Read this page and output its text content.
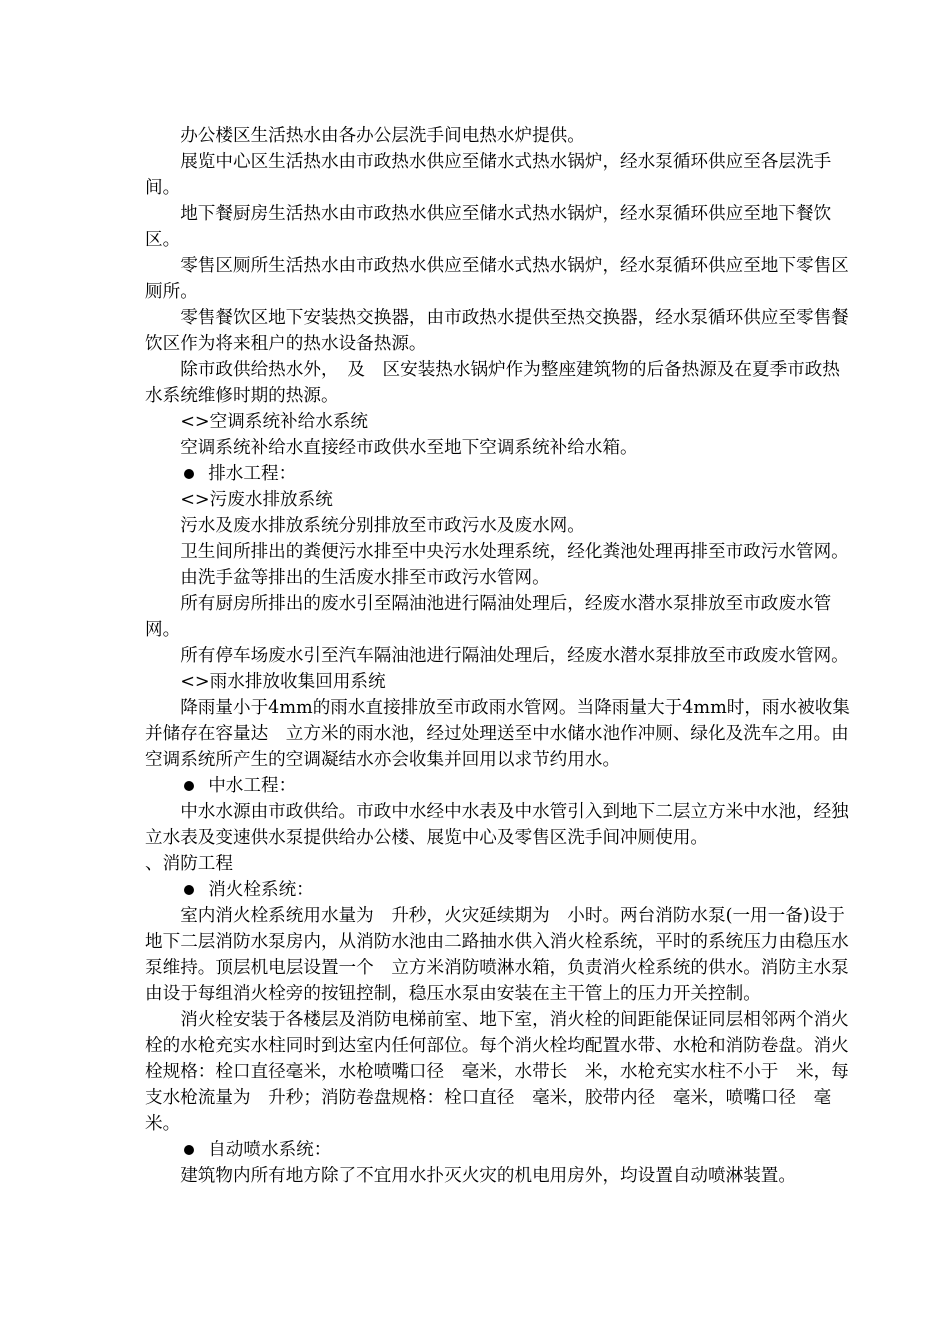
办公楼区生活热水由各办公层洗手间电热水炉提供。

展览中心区生活热水由市政热水供应至储水式热水锅炉，经水泵循环供应至各层洗手间。

地下餐厨房生活热水由市政热水供应至储水式热水锅炉，经水泵循环供应至地下餐饮区。

零售区厕所生活热水由市政热水供应至储水式热水锅炉，经水泵循环供应至地下零售区厕所。

零售餐饮区地下安装热交换器，由市政热水提供至热交换器，经水泵循环供应至零售餐饮区作为将来租户的热水设备热源。

除市政供给热水外，　及　区安装热水锅炉作为整座建筑物的后备热源及在夏季市政热水系统维修时期的热源。

<>空调系统补给水系统

空调系统补给水直接经市政供水至地下空调系统补给水箱。

排水工程：

<>污废水排放系统

污水及废水排放系统分别排放至市政污水及废水网。

卫生间所排出的粪便污水排至中央污水处理系统，经化粪池处理再排至市政污水管网。

由洗手盆等排出的生活废水排至市政污水管网。

所有厨房所排出的废水引至隔油池进行隔油处理后，经废水潜水泵排放至市政废水管网。

所有停车场废水引至汽车隔油池进行隔油处理后，经废水潜水泵排放至市政废水管网。

<>雨水排放收集回用系统

降雨量小于4mm的雨水直接排放至市政雨水管网。当降雨量大于4mm时，雨水被收集并储存在容量达　立方米的雨水池，经过处理送至中水储水池作冲厕、绿化及洗车之用。由空调系统所产生的空调凝结水亦会收集并回用以求节约用水。

中水工程：

中水水源由市政供给。市政中水经中水表及中水管引入到地下二层立方米中水池，经独立水表及变速供水泵提供给办公楼、展览中心及零售区洗手间冲厕使用。

、消防工程

消火栓系统：

室内消火栓系统用水量为　升秒，火灾延续期为　小时。两台消防水泵(一用一备)设于地下二层消防水泵房内，从消防水池由二路抽水供入消火栓系统，平时的系统压力由稳压水泵维持。顶层机电层设置一个　立方米消防喷淋水箱，负责消火栓系统的供水。消防主水泵由设于每组消火栓旁的按钮控制，稳压水泵由安装在主干管上的压力开关控制。

消火栓安装于各楼层及消防电梯前室、地下室，消火栓的间距能保证同层相邻两个消火栓的水枪充实水柱同时到达室内任何部位。每个消火栓均配置水带、水枪和消防卷盘。消火栓规格：栓口直径毫米，水枪喷嘴口径　毫米，水带长　米，水枪充实水柱不小于　米，每支水枪流量为　升秒；消防卷盘规格：栓口直径　毫米，胶带内径　毫米，喷嘴口径　毫米。

自动喷水系统：

建筑物内所有地方除了不宜用水扑灭火灾的机电用房外，均设置自动喷淋装置。
